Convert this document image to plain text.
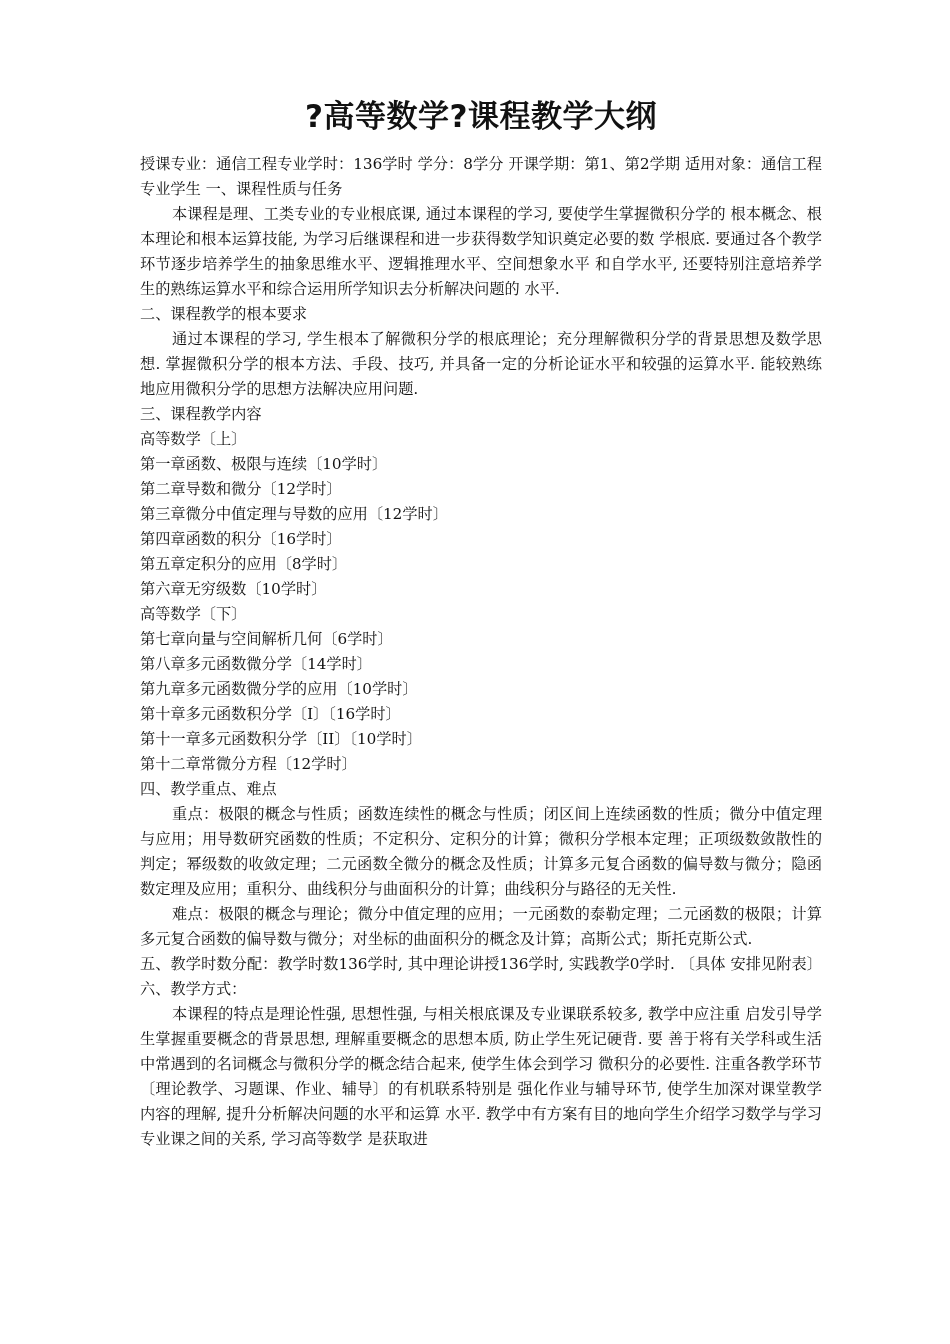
?高等数学?课程教学大纲

授课专业：通信工程专业学时：136学时 学分：8学分 开课学期：第1、第2学期 适用对象：通信工程专业学生 一、课程性质与任务

本课程是理、工类专业的专业根底课, 通过本课程的学习, 要使学生掌握微积分学的 根本概念、根本理论和根本运算技能, 为学习后继课程和进一步获得数学知识奠定必要的数 学根底. 要通过各个教学环节逐步培养学生的抽象思维水平、逻辑推理水平、空间想象水平 和自学水平, 还要特别注意培养学生的熟练运算水平和综合运用所学知识去分析解决问题的 水平.

二、课程教学的根本要求

通过本课程的学习, 学生根本了解微积分学的根底理论；充分理解微积分学的背景思想及数学思想. 掌握微积分学的根本方法、手段、技巧, 并具备一定的分析论证水平和较强的运算水平. 能较熟练地应用微积分学的思想方法解决应用问题.

三、课程教学内容

高等数学〔上〕

第一章函数、极限与连续〔10学时〕

第二章导数和微分〔12学时〕

第三章微分中值定理与导数的应用〔12学时〕

第四章函数的积分〔16学时〕

第五章定积分的应用〔8学时〕

第六章无穷级数〔10学时〕

高等数学〔下〕

第七章向量与空间解析几何〔6学时〕

第八章多元函数微分学〔14学时〕

第九章多元函数微分学的应用〔10学时〕

第十章多元函数积分学〔I〕〔16学时〕

第十一章多元函数积分学〔II〕〔10学时〕

第十二章常微分方程〔12学时〕

四、教学重点、难点

重点：极限的概念与性质；函数连续性的概念与性质；闭区间上连续函数的性质；微分中值定理与应用；用导数研究函数的性质；不定积分、定积分的计算；微积分学根本定理；正项级数敛散性的判定；幂级数的收敛定理；二元函数全微分的概念及性质；计算多元复合函数的偏导数与微分；隐函数定理及应用；重积分、曲线积分与曲面积分的计算；曲线积分与路径的无关性.

难点：极限的概念与理论；微分中值定理的应用；一元函数的泰勒定理；二元函数的极限；计算多元复合函数的偏导数与微分；对坐标的曲面积分的概念及计算；高斯公式；斯托克斯公式.

五、教学时数分配：教学时数136学时, 其中理论讲授136学时, 实践教学0学时. 〔具体 安排见附表〕 六、教学方式：

本课程的特点是理论性强, 思想性强, 与相关根底课及专业课联系较多, 教学中应注重 启发引导学生掌握重要概念的背景思想, 理解重要概念的思想本质, 防止学生死记硬背. 要 善于将有关学科或生活中常遇到的名词概念与微积分学的概念结合起来, 使学生体会到学习 微积分的必要性. 注重各教学环节〔理论教学、习题课、作业、辅导〕的有机联系特别是 强化作业与辅导环节, 使学生加深对课堂教学内容的理解, 提升分析解决问题的水平和运算 水平. 教学中有方案有目的地向学生介绍学习数学与学习专业课之间的关系, 学习高等数学 是获取进
